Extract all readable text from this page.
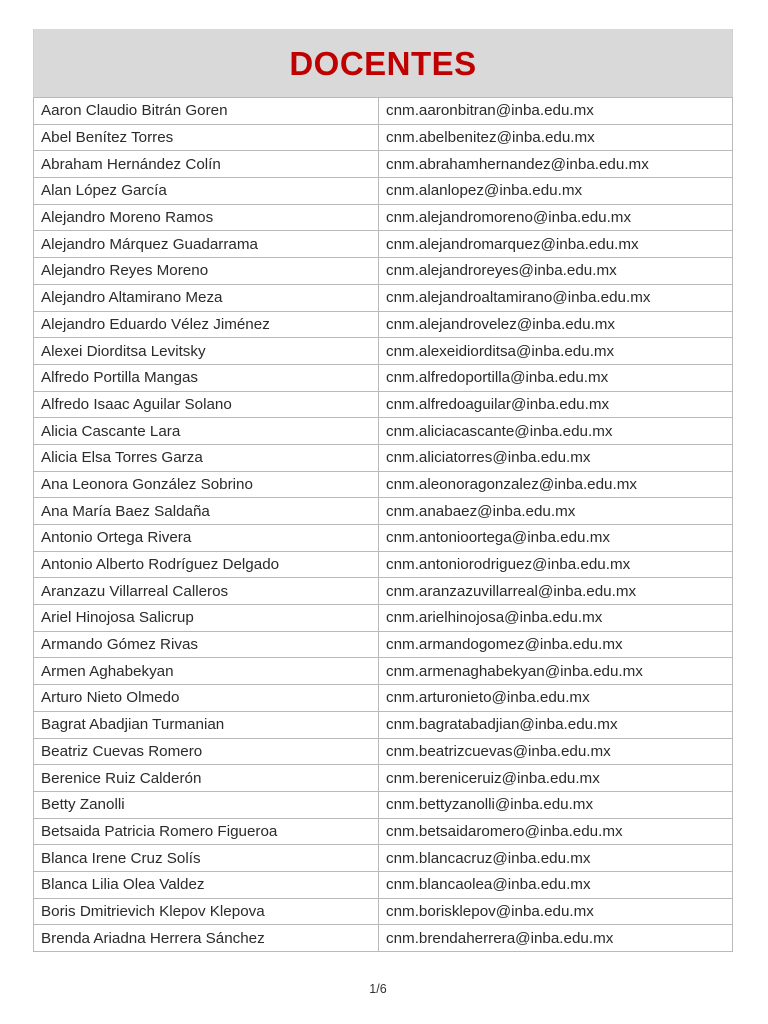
DOCENTES
Aaron Claudio Bitrán Goren	cnm.aaronbitran@inba.edu.mx
Abel Benítez Torres	cnm.abelbenitez@inba.edu.mx
Abraham Hernández Colín	cnm.abrahamhernandez@inba.edu.mx
Alan López García	cnm.alanlopez@inba.edu.mx
Alejandro Moreno Ramos	cnm.alejandromoreno@inba.edu.mx
Alejandro Márquez Guadarrama	cnm.alejandromarquez@inba.edu.mx
Alejandro Reyes Moreno	cnm.alejandroreyes@inba.edu.mx
Alejandro Altamirano Meza	cnm.alejandroaltamirano@inba.edu.mx
Alejandro Eduardo Vélez Jiménez	cnm.alejandrovelez@inba.edu.mx
Alexei Diorditsa Levitsky	cnm.alexeidiorditsa@inba.edu.mx
Alfredo Portilla Mangas	cnm.alfredoportilla@inba.edu.mx
Alfredo Isaac Aguilar Solano	cnm.alfredoaguilar@inba.edu.mx
Alicia Cascante Lara	cnm.aliciacascante@inba.edu.mx
Alicia Elsa Torres Garza	cnm.aliciatorres@inba.edu.mx
Ana Leonora González Sobrino	cnm.aleonoragonzalez@inba.edu.mx
Ana María Baez Saldaña	cnm.anabaez@inba.edu.mx
Antonio Ortega Rivera	cnm.antonioortega@inba.edu.mx
Antonio Alberto Rodríguez Delgado	cnm.antoniorodriguez@inba.edu.mx
Aranzazu Villarreal Calleros	cnm.aranzazuvillarreal@inba.edu.mx
Ariel Hinojosa Salicrup	cnm.arielhinojosa@inba.edu.mx
Armando Gómez Rivas	cnm.armandogomez@inba.edu.mx
Armen Aghabekyan	cnm.armenaghabekyan@inba.edu.mx
Arturo Nieto Olmedo	cnm.arturonieto@inba.edu.mx
Bagrat Abadjian Turmanian	cnm.bagratabadjian@inba.edu.mx
Beatriz Cuevas Romero	cnm.beatrizcuevas@inba.edu.mx
Berenice Ruiz Calderón	cnm.bereniceruiz@inba.edu.mx
Betty Zanolli	cnm.bettyzanolli@inba.edu.mx
Betsaida Patricia Romero Figueroa	cnm.betsaidaromero@inba.edu.mx
Blanca Irene Cruz Solís	cnm.blancacruz@inba.edu.mx
Blanca Lilia Olea Valdez	cnm.blancaolea@inba.edu.mx
Boris Dmitrievich Klepov Klepova	cnm.borisklepov@inba.edu.mx
Brenda Ariadna Herrera Sánchez	cnm.brendaherrera@inba.edu.mx
1/6
